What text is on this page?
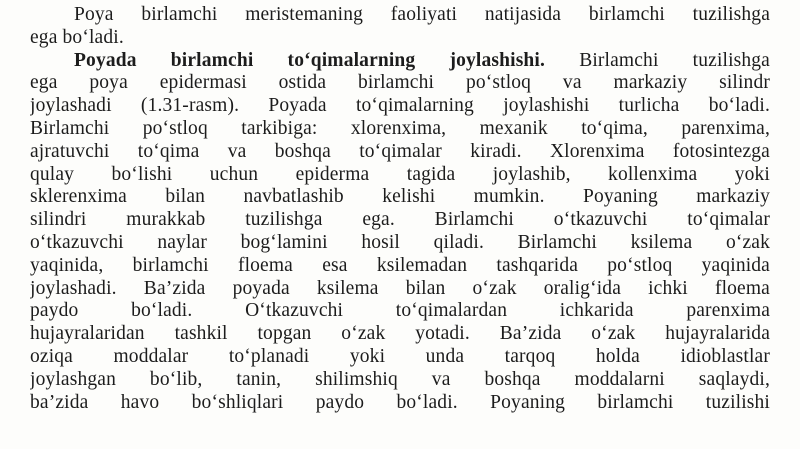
Poya birlamchi meristemaning faoliyati natijasida birlamchi tuzilishga
ega bo‘ladi.
Poyada birlamchi to‘qimalarning joylashishi. Birlamchi tuzilishga
ega poya epidermasi ostida birlamchi po‘stloq va markaziy silindr
joylashadi (1.31-rasm). Poyada to‘qimalarning joylashishi turlicha bo‘ladi.
Birlamchi po‘stloq tarkibiga: xlorenxima, mexanik to‘qima, parenxima,
ajratuvchi to‘qima va boshqa to‘qimalar kiradi. Xlorenxima fotosintezga
qulay bo‘lishi uchun epiderma tagida joylashib, kollenxima yoki
sklerenxima bilan navbatlashib kelishi mumkin. Poyaning markaziy
silindri murakkab tuzilishga ega. Birlamchi o‘tkazuvchi to‘qimalar
o‘tkazuvchi naylar bog‘lamini hosil qiladi. Birlamchi ksilema o‘zak
yaqinida, birlamchi floema esa ksilemadan tashqarida po‘stloq yaqinida
joylashadi. Ba’zida poyada ksilema bilan o‘zak oralig‘ida ichki floema
paydo bo‘ladi. O‘tkazuvchi to‘qimalardan ichkarida parenxima
hujayralaridan tashkil topgan o‘zak yotadi. Ba’zida o‘zak hujayralarida
oziqa moddalar to‘planadi yoki unda tarqoq holda idioblastlar
joylashgan bo‘lib, tanin, shilimshiq va boshqa moddalarni saqlaydi,
ba’zida havo bo‘shliqlari paydo bo‘ladi. Poyaning birlamchi tuzilishi
